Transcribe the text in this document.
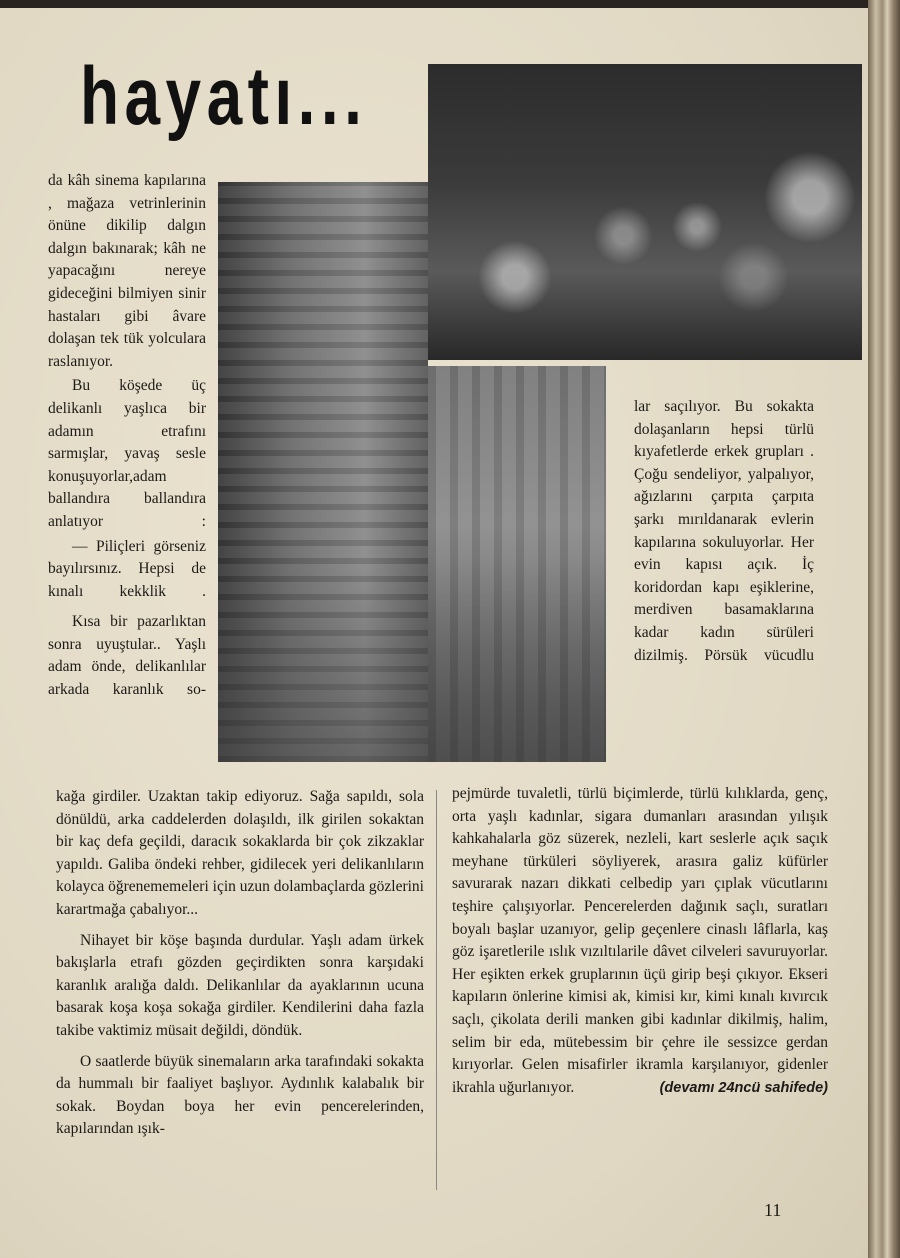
hayatı...

da kâh sinema kapılarına , mağaza vetrinlerinin önüne dikilip dalgın dalgın bakınarak; kâh ne yapacağını nereye gideceğini bilmiyen sinir hastaları gibi âvare dolaşan tek tük yolculara raslanıyor.

Bu köşede üç delikanlı yaşlıca bir adamın etrafını sarmışlar, yavaş sesle konuşuyorlar,adam ballandıra ballandıra anlatıyor :

— Piliçleri görseniz bayılırsınız. Hepsi de kınalı kekklik .

Kısa bir pazarlıktan sonra uyuştular.. Yaşlı adam önde, delikanlılar arkada karanlık so-

lar saçılıyor. Bu sokakta dolaşanların hepsi türlü kıyafetlerde erkek grupları . Çoğu sendeliyor, yalpalıyor, ağızlarını çarpıta çarpıta şarkı mırıldanarak evlerin kapılarına sokuluyorlar. Her evin kapısı açık. İç koridordan kapı eşiklerine, merdiven basamaklarına kadar kadın sürüleri dizilmiş. Pörsük vücudlu

kağa girdiler. Uzaktan takip ediyoruz. Sağa sapıldı, sola dönüldü, arka caddelerden dolaşıldı, ilk girilen sokaktan bir kaç defa geçildi, daracık sokaklarda bir çok zikzaklar yapıldı. Galiba öndeki rehber, gidilecek yeri delikanlıların kolayca öğrenememeleri için uzun dolambaçlarda gözlerini karartmağa çabalıyor...

Nihayet bir köşe başında durdular. Yaşlı adam ürkek bakışlarla etrafı gözden geçirdikten sonra karşıdaki karanlık aralığa daldı. Delikanlılar da ayaklarının ucuna basarak koşa koşa sokağa girdiler. Kendilerini daha fazla takibe vaktimiz müsait değildi, döndük.

O saatlerde büyük sinemaların arka tarafındaki sokakta da hummalı bir faaliyet başlıyor. Aydınlık kalabalık bir sokak. Boydan boya her evin pencerelerinden, kapılarından ışık-

pejmürde tuvaletli, türlü biçimlerde, türlü kılıklarda, genç, orta yaşlı kadınlar, sigara dumanları arasından yılışık kahkahalarla göz süzerek, nezleli, kart seslerle açık saçık meyhane türküleri söyliyerek, arasıra galiz küfürler savurarak nazarı dikkati celbedip yarı çıplak vücutlarını teşhire çalışıyorlar. Pencerelerden dağınık saçlı, suratları boyalı başlar uzanıyor, gelip geçenlere cinaslı lâflarla, kaş göz işaretlerile ıslık vızıltılarile dâvet cilveleri savuruyorlar. Her eşikten erkek gruplarının üçü girip beşi çıkıyor. Ekseri kapıların önlerine kimisi ak, kimisi kır, kimi kınalı kıvırcık saçlı, çikolata derili manken gibi kadınlar dikilmiş, halim, selim bir eda, mütebessim bir çehre ile sessizce gerdan kırıyorlar. Gelen misafirler ikramla karşılanıyor, gidenler ikrahla uğurlanıyor.	(devamı 24ncü sahifede)
11
